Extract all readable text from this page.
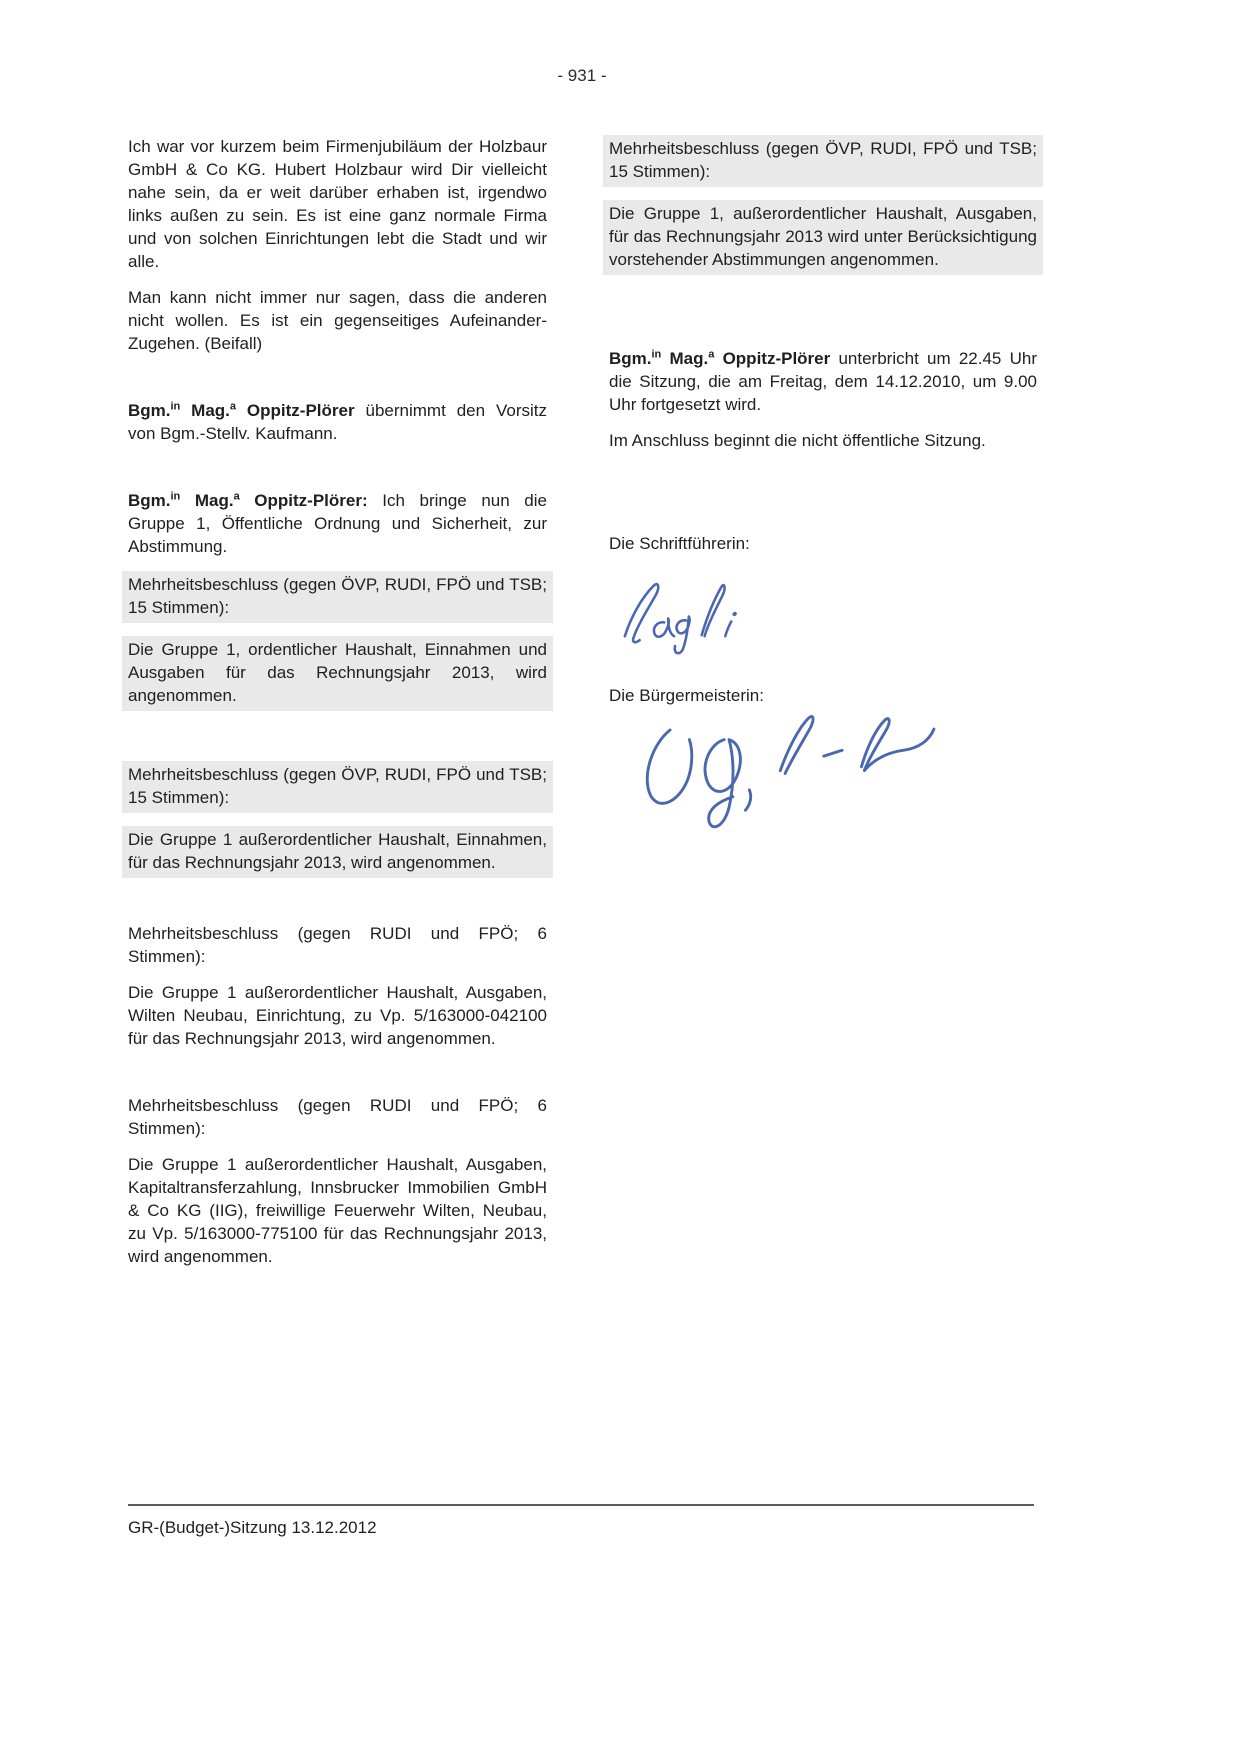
- 931 -

Ich war vor kurzem beim Firmenjubiläum der Holzbaur GmbH & Co KG. Hubert Holzbaur wird Dir vielleicht nahe sein, da er weit darüber erhaben ist, irgendwo links außen zu sein. Es ist eine ganz normale Firma und von solchen Einrichtungen lebt die Stadt und wir alle.

Man kann nicht immer nur sagen, dass die anderen nicht wollen. Es ist ein gegenseitiges Aufeinander-Zugehen. (Beifall)

Bgm.$^{in}$ Mag.$^a$ Oppitz-Plörer übernimmt den Vorsitz von Bgm.-Stellv. Kaufmann.

Bgm.$^{in}$ Mag.$^a$ Oppitz-Plörer: Ich bringe nun die Gruppe 1, Öffentliche Ordnung und Sicherheit, zur Abstimmung.

Mehrheitsbeschluss (gegen ÖVP, RUDI, FPÖ und TSB; 15 Stimmen):

Die Gruppe 1, ordentlicher Haushalt, Einnahmen und Ausgaben für das Rechnungsjahr 2013, wird angenommen.

Mehrheitsbeschluss (gegen ÖVP, RUDI, FPÖ und TSB; 15 Stimmen):

Die Gruppe 1 außerordentlicher Haushalt, Einnahmen, für das Rechnungsjahr 2013, wird angenommen.

Mehrheitsbeschluss (gegen RUDI und FPÖ; 6 Stimmen):

Die Gruppe 1 außerordentlicher Haushalt, Ausgaben, Wilten Neubau, Einrichtung, zu Vp. 5/163000-042100 für das Rechnungsjahr 2013, wird angenommen.

Mehrheitsbeschluss (gegen RUDI und FPÖ; 6 Stimmen):

Die Gruppe 1 außerordentlicher Haushalt, Ausgaben, Kapitaltransferzahlung, Innsbrucker Immobilien GmbH & Co KG (IIG), freiwillige Feuerwehr Wilten, Neubau, zu Vp. 5/163000-775100 für das Rechnungsjahr 2013, wird angenommen.

Mehrheitsbeschluss (gegen ÖVP, RUDI, FPÖ und TSB; 15 Stimmen):

Die Gruppe 1, außerordentlicher Haushalt, Ausgaben, für das Rechnungsjahr 2013 wird unter Berücksichtigung vorstehender Abstimmungen angenommen.

Bgm.$^{in}$ Mag.$^a$ Oppitz-Plörer unterbricht um 22.45 Uhr die Sitzung, die am Freitag, dem 14.12.2010, um 9.00 Uhr fortgesetzt wird.

Im Anschluss beginnt die nicht öffentliche Sitzung.

Die Schriftführerin:

Die Bürgermeisterin:

GR-(Budget-)Sitzung 13.12.2012
